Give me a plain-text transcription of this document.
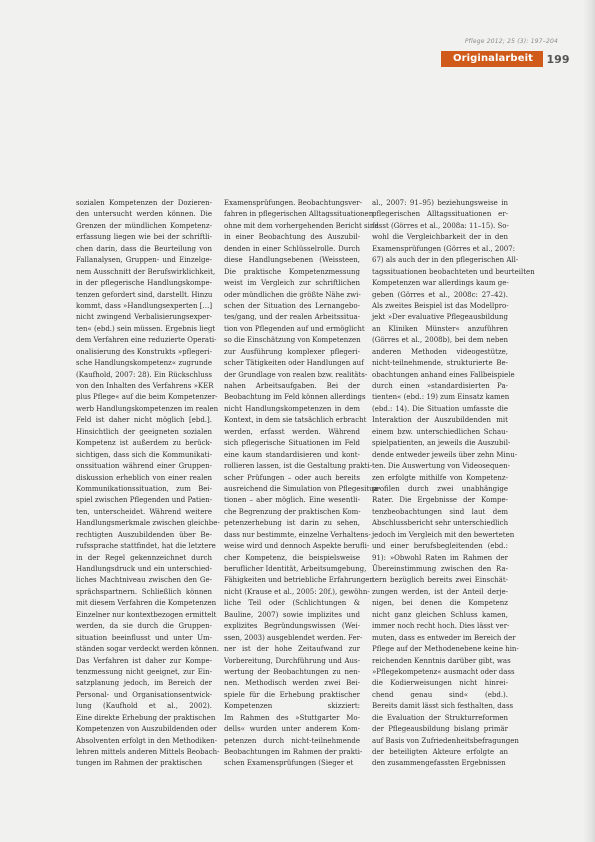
Pflege 2012; 25 (3): 197–204
Originalarbeit	199
sozialen Kompetenzen der Dozieren-
den untersucht werden können. Die
Grenzen der mündlichen Kompetenz-
erfassung liegen wie bei der schriftli-
chen darin, dass die Beurteilung von
Fallanalysen, Gruppen- und Einzelge-
nem Ausschnitt der Berufswirklichkeit,
in der pflegerische Handlungskompe-
tenzen gefordert sind, darstellt. Hinzu
kommt, dass »Handlungsexperten […]
nicht zwingend Verbalisierungsexper-
ten« (ebd.) sein müssen. Ergebnis liegt
dem Verfahren eine reduzierte Operati-
onalisierung des Konstrukts »pflegeri-
sche Handlungskompetenz« zugrunde
(Kaufhold, 2007: 28). Ein Rückschluss
von den Inhalten des Verfahrens »KER
plus Pflege« auf die beim Kompetenzer-
werb Handlungskompetenzen im realen
Feld ist daher nicht möglich [ebd.].
Hinsichtlich der geeigneten sozialen
Kompetenz ist außerdem zu berück-
sichtigen, dass sich die Kommunikati-
onssituation während einer Gruppen-
diskussion erheblich von einer realen
Kommunikationssituation, zum Bei-
spiel zwischen Pflegenden und Patien-
ten, unterscheidet. Während weitere
Handlungsmerkmale zwischen gleichbe-
rechtigten Auszubildenden über Be-
rufssprache stattfindet, hat die letztere
in der Regel gekennzeichnet durch
Handlungsdruck und ein unterschied-
liches Machtniveau zwischen den Ge-
sprächspartnern. Schließlich können
mit diesem Verfahren die Kompetenzen
Einzelner nur kontextbezogen ermittelt
werden, da sie durch die Gruppen-
situation beeinflusst und unter Um-
ständen sogar verdeckt werden können.
Das Verfahren ist daher zur Kompe-
tenzmessung nicht geeignet, zur Ein-
satzplanung jedoch, im Bereich der
Personal- und Organisationsentwick-
lung (Kaufhold et al., 2002).
Eine direkte Erhebung der praktischen
Kompetenzen von Auszubildenden oder
Absolventen erfolgt in den Methodiken-
lehren mittels anderen Mittels Beobach-
tungen im Rahmen der praktischen
Examensprüfungen. Beobachtungsver-
fahren in pflegerischen Alltagssituationen
ohne mit dem vorhergehenden Bericht sind
in einer Beobachtung des Auszubil-
denden in einer Schlüsselrolle. Durch
diese Handlungsebenen (Weissteen,
Die praktische Kompetenzmessung
weist im Vergleich zur schriftlichen
oder mündlichen die größte Nähe zwi-
schen der Situation des Lernangebo-
tes/gang, und der realen Arbeitssitua-
tion von Pflegenden auf und ermöglicht
so die Einschätzung von Kompetenzen
zur Ausführung komplexer pflegeri-
scher Tätigkeiten oder Handlungen auf
der Grundlage von realen bzw. realitäts-
nahen Arbeitsaufgaben. Bei der
Beobachtung im Feld können allerdings
nicht Handlungskompetenzen in dem
Kontext, in dem sie tatsächlich erbracht
werden, erfasst werden. Während
sich pflegerische Situationen im Feld
eine kaum standardisieren und kont-
rollieren lassen, ist die Gestaltung prakti-
scher Prüfungen – oder auch bereits
ausreichend die Simulation von Pflegesitua-
tionen – aber möglich. Eine wesentli-
che Begrenzung der praktischen Kom-
petenzerhebung ist darin zu sehen,
dass nur bestimmte, einzelne Verhaltens-
weise wird und dennoch Aspekte berufli-
cher Kompetenz, die beispielsweise
beruflicher Identität, Arbeitsumgebung,
Fähigkeiten und betriebliche Erfahrungen
nicht (Krause et al., 2005: 20f.), gewöhn-
liche Teil oder (Schlichtungen &
Bauline, 2007) sowie implizites und
explizites Begründungswissen (Wei-
ssen, 2003) ausgeblendet werden. Fer-
ner ist der hohe Zeitaufwand zur
Vorbereitung, Durchführung und Aus-
wertung der Beobachtungen zu nen-
nen. Methodisch werden zwei Bei-
spiele für die Erhebung praktischer
Kompetenzen skizziert:
Im Rahmen des »Stuttgarter Mo-
dells« wurden unter anderem Kom-
petenzen durch nicht-teilnehmende
Beobachtungen im Rahmen der prakti-
schen Examensprüfungen (Sieger et
al., 2007: 91–95) beziehungsweise in
pflegerischen Alltagssituationen er-
fasst (Görres et al., 2008a: 11–15). So-
wohl die Vergleichbarkeit der in den
Examensprüfungen (Görres et al., 2007:
67) als auch der in den pflegerischen All-
tagssituationen beobachteten und beurteilten
Kompetenzen war allerdings kaum ge-
geben (Görres et al., 2008c: 27–42).
Als zweites Beispiel ist das Modellpro-
jekt »Der evaluative Pflegeausbildung
an Kliniken Münster« anzuführen
(Görres et al., 2008b), bei dem neben
anderen Methoden videogestütze,
nicht-teilnehmende, strukturierte Be-
obachtungen anhand eines Fallbeispiele
durch einen »standardisierten Pa-
tienten« (ebd.: 19) zum Einsatz kamen
(ebd.: 14). Die Situation umfasste die
Interaktion der Auszubildenden mit
einem bzw. unterschiedlichen Schau-
spielpatienten, an jeweils die Auszubil-
dende entweder jeweils über zehn Minu-
ten. Die Auswertung von Videosequen-
zen erfolgte mithilfe von Kompetenz-
profilen durch zwei unabhängige
Rater. Die Ergebnisse der Kompe-
tenzbeobachtungen sind laut dem
Abschlussbericht sehr unterschiedlich
jedoch im Vergleich mit den bewerteten
und einer berufsbegleitenden (ebd.:
91): »Obwohl Raten im Rahmen der
Übereinstimmung zwischen den Ra-
tern bezüglich bereits zwei Einschät-
zungen werden, ist der Anteil derje-
nigen, bei denen die Kompetenz
nicht ganz gleichen Schluss kamen,
immer noch recht hoch. Dies lässt ver-
muten, dass es entweder im Bereich der
Pflege auf der Methodenebene keine hin-
reichenden Kenntnis darüber gibt, was
»Pflegekompetenz« ausmacht oder dass
die Kodierweisungen nicht hinrei-
chend genau sind« (ebd.).
Bereits damit lässt sich festhalten, dass
die Evaluation der Strukturreformen
der Pflegeausbildung bislang primär
auf Basis von Zufriedenheitsbefragungen
der beteiligten Akteure erfolgte an
den zusammengefassten Ergebnissen
